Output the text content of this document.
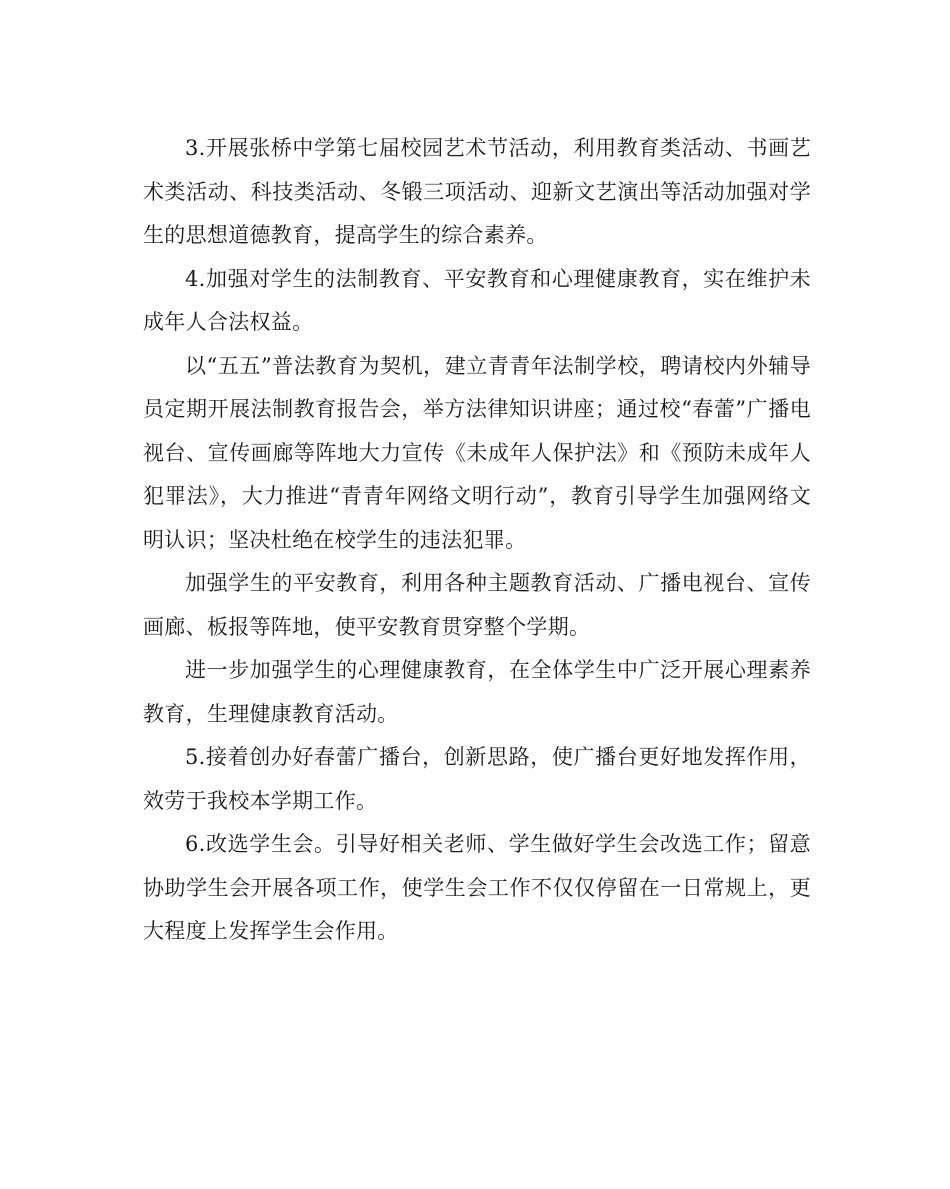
3.开展张桥中学第七届校园艺术节活动，利用教育类活动、书画艺术类活动、科技类活动、冬锻三项活动、迎新文艺演出等活动加强对学生的思想道德教育，提高学生的综合素养。

4.加强对学生的法制教育、平安教育和心理健康教育，实在维护未成年人合法权益。

以“五五”普法教育为契机，建立青青年法制学校，聘请校内外辅导员定期开展法制教育报告会，举方法律知识讲座；通过校“春蕾”广播电视台、宣传画廊等阵地大力宣传《未成年人保护法》和《预防未成年人犯罪法》，大力推进“青青年网络文明行动”，教育引导学生加强网络文明认识；坚决杜绝在校学生的违法犯罪。

加强学生的平安教育，利用各种主题教育活动、广播电视台、宣传画廊、板报等阵地，使平安教育贯穿整个学期。

进一步加强学生的心理健康教育，在全体学生中广泛开展心理素养教育，生理健康教育活动。

5.接着创办好春蕾广播台，创新思路，使广播台更好地发挥作用，效劳于我校本学期工作。

6.改选学生会。引导好相关老师、学生做好学生会改选工作；留意协助学生会开展各项工作，使学生会工作不仅仅停留在一日常规上，更大程度上发挥学生会作用。
